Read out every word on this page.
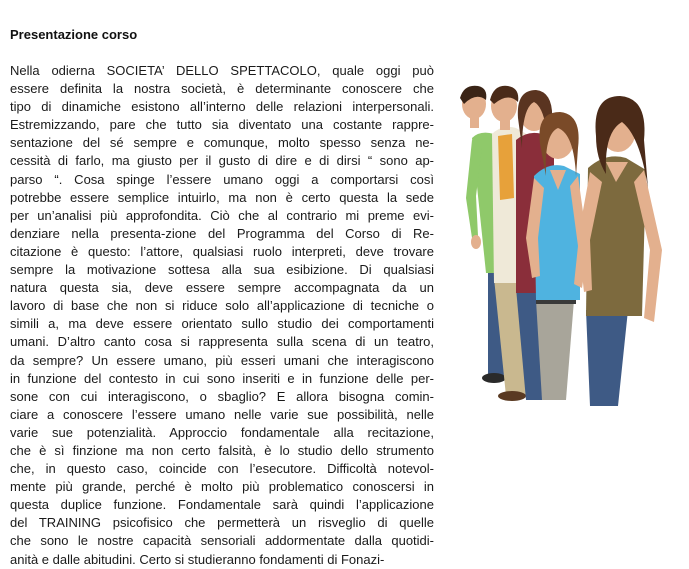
Presentazione corso
Nella odierna SOCIETA’ DELLO SPETTACOLO, quale oggi può
essere definita la nostra società, è determinante conoscere che
tipo di dinamiche esistono all’interno delle relazioni interpersonali.
Estremizzando, pare che tutto sia diventato una costante rappre-
sentazione del sé sempre e comunque, molto spesso senza ne-
cessità di farlo, ma giusto per il gusto di dire e di dirsi “ sono ap-
parso “. Cosa spinge l’essere umano oggi a comportarsi così
potrebbe essere semplice intuirlo, ma non è certo questa la sede
per un’analisi più approfondita. Ciò che al contrario mi preme evi-
denziare nella presenta-zione del Programma del Corso di Re-
citazione è questo: l’attore, qualsiasi ruolo interpreti, deve trovare
sempre la motivazione sottesa alla sua esibizione. Di qualsiasi
natura questa sia, deve essere sempre accompagnata da un
lavoro di base che non si riduce solo all’applicazione di tecniche o
simili a, ma deve essere orientato sullo studio dei comportamenti
umani. D’altro canto cosa si rappresenta sulla scena di un teatro,
da sempre? Un essere umano, più esseri umani che interagiscono
in funzione del contesto in cui sono inseriti e in funzione delle per-
sone con cui interagiscono, o sbaglio? E allora bisogna comin-
ciare a conoscere l’essere umano nelle varie sue possibilità, nelle
varie sue potenzialità. Approccio fondamentale alla recitazione,
che è sì finzione ma non certo falsità, è lo studio dello strumento
che, in questo caso, coincide con l’esecutore. Difficoltà notevol-
mente più grande, perché è molto più problematico conoscersi in
questa duplice funzione. Fondamentale sarà quindi l’applicazione
del TRAINING psicofisico che permetterà un risveglio di quelle
che sono le nostre capacità sensoriali addormentate dalla quotidi-
anità e dalle abitudini. Certo si studieranno fondamenti di Fonazi-
